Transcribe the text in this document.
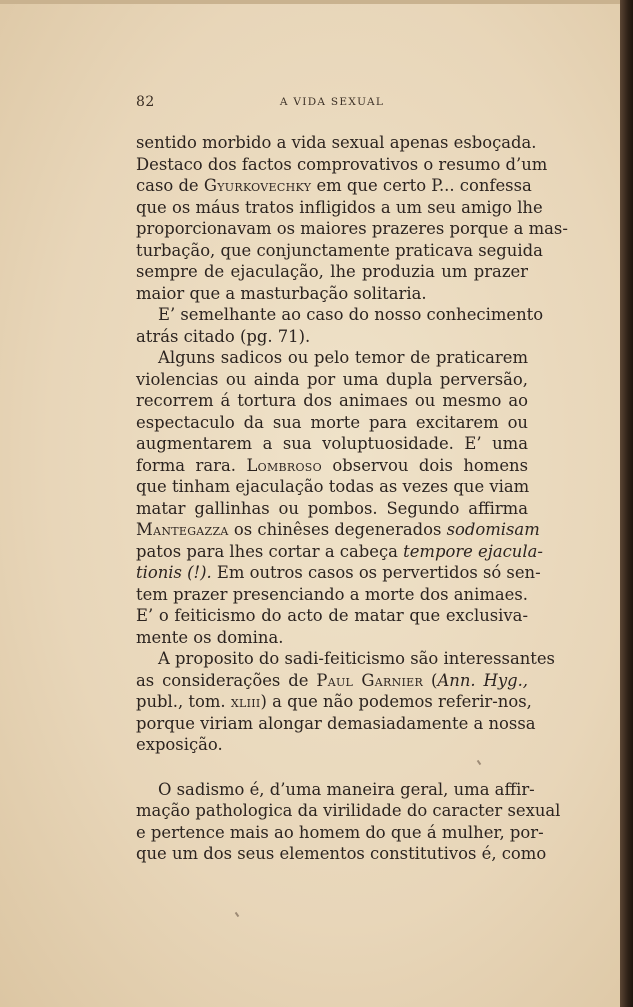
82	A VIDA SEXUAL
sentido morbido a vida sexual apenas esboçada.
Destaco dos factos comprovativos o resumo d’um
caso de Gyurkovechky em que certo P... confessa
que os máus tratos infligidos a um seu amigo lhe
proporcionavam os maiores prazeres porque a mas-
turbação, que conjunctamente praticava seguida
sempre de ejaculação, lhe produzia um prazer
maior que a masturbação solitaria.
E’ semelhante ao caso do nosso conhecimento
atrás citado (pg. 71).
Alguns sadicos ou pelo temor de praticarem
violencias ou ainda por uma dupla perversão,
recorrem á tortura dos animaes ou mesmo ao
espectaculo da sua morte para excitarem ou
augmentarem a sua voluptuosidade. E’ uma
forma rara. Lombroso observou dois homens
que tinham ejaculação todas as vezes que viam
matar gallinhas ou pombos. Segundo affirma
Mantegazza os chinêses degenerados sodomisam
patos para lhes cortar a cabeça tempore ejacula-
tionis (!). Em outros casos os pervertidos só sen-
tem prazer presenciando a morte dos animaes.
E’ o feiticismo do acto de matar que exclusiva-
mente os domina.
A proposito do sadi-feiticismo são interessantes
as considerações de Paul Garnier (Ann. Hyg.,
publ., tom. xliii) a que não podemos referir-nos,
porque viriam alongar demasiadamente a nossa
exposição.
O sadismo é, d’uma maneira geral, uma affir-
mação pathologica da virilidade do caracter sexual
e pertence mais ao homem do que á mulher, por-
que um dos seus elementos constitutivos é, como
